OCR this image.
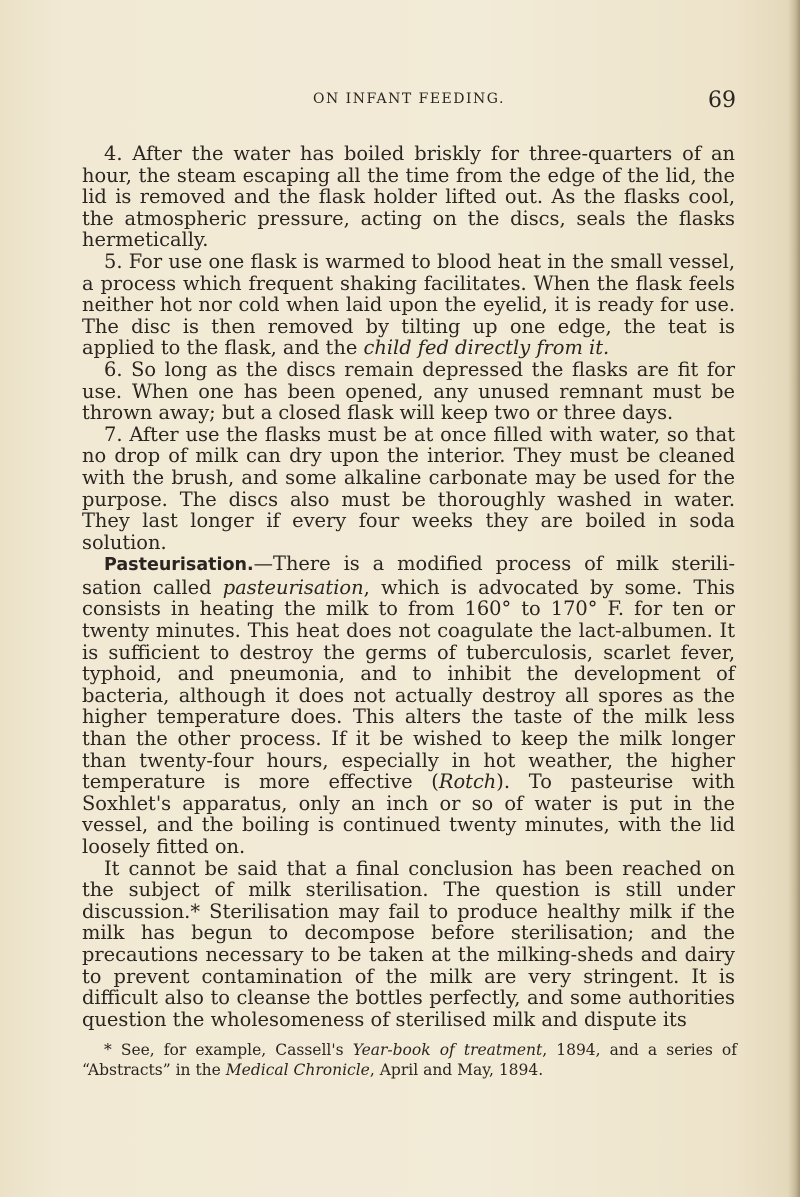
ON INFANT FEEDING.	69

4. After the water has boiled briskly for three-quarters of an hour, the steam escaping all the time from the edge of the lid, the lid is removed and the flask holder lifted out. As the flasks cool, the atmospheric pressure, acting on the discs, seals the flasks hermetically.

5. For use one flask is warmed to blood heat in the small vessel, a process which frequent shaking facilitates. When the flask feels neither hot nor cold when laid upon the eyelid, it is ready for use. The disc is then removed by tilting up one edge, the teat is applied to the flask, and the child fed directly from it.

6. So long as the discs remain depressed the flasks are fit for use. When one has been opened, any unused remnant must be thrown away; but a closed flask will keep two or three days.

7. After use the flasks must be at once filled with water, so that no drop of milk can dry upon the interior. They must be cleaned with the brush, and some alkaline carbonate may be used for the purpose. The discs also must be thoroughly washed in water. They last longer if every four weeks they are boiled in soda solution.

Pasteurisation.—There is a modified process of milk sterilisation called pasteurisation, which is advocated by some. This consists in heating the milk to from 160° to 170° F. for ten or twenty minutes. This heat does not coagulate the lact-albumen. It is sufficient to destroy the germs of tuberculosis, scarlet fever, typhoid, and pneumonia, and to inhibit the development of bacteria, although it does not actually destroy all spores as the higher temperature does. This alters the taste of the milk less than the other process. If it be wished to keep the milk longer than twenty-four hours, especially in hot weather, the higher temperature is more effective (Rotch). To pasteurise with Soxhlet's apparatus, only an inch or so of water is put in the vessel, and the boiling is continued twenty minutes, with the lid loosely fitted on.

It cannot be said that a final conclusion has been reached on the subject of milk sterilisation. The question is still under discussion.* Sterilisation may fail to produce healthy milk if the milk has begun to decompose before sterilisation; and the precautions necessary to be taken at the milking-sheds and dairy to prevent contamination of the milk are very stringent. It is difficult also to cleanse the bottles perfectly, and some authorities question the wholesomeness of sterilised milk and dispute its

* See, for example, Cassell's Year-book of treatment, 1894, and a series of “Abstracts” in the Medical Chronicle, April and May, 1894.
